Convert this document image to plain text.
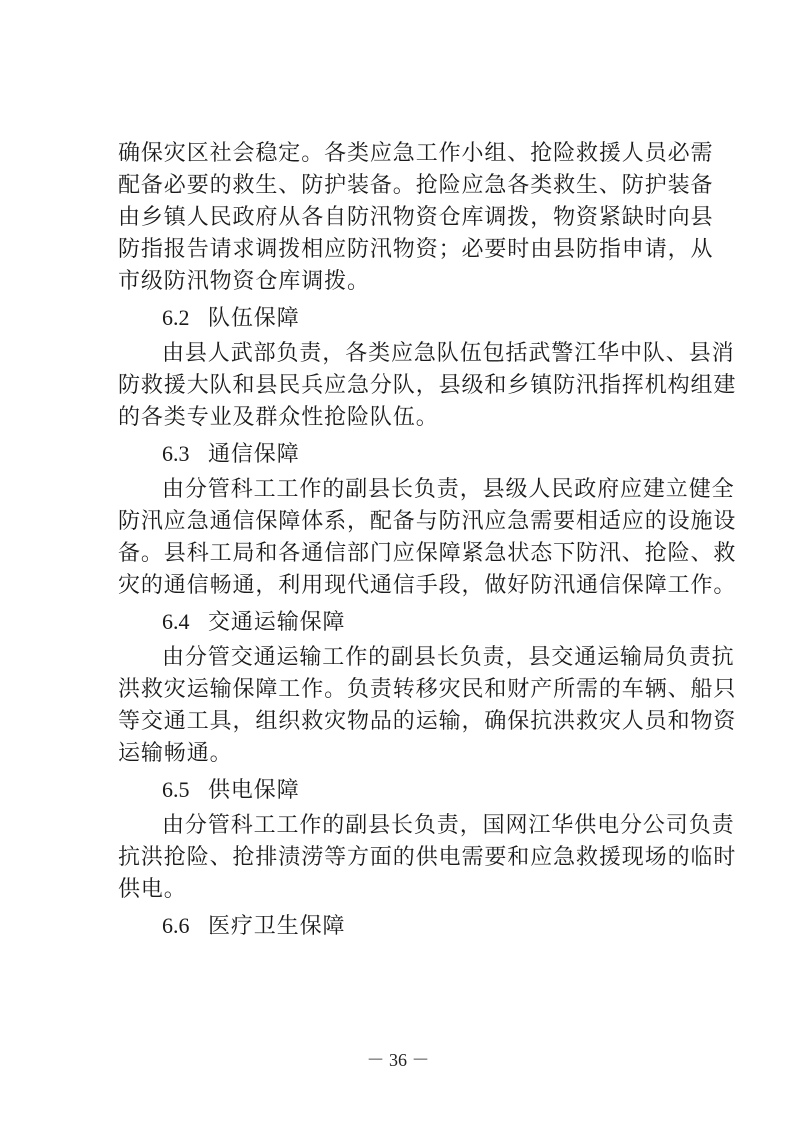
确保灾区社会稳定。各类应急工作小组、抢险救援人员必需

配备必要的救生、防护装备。抢险应急各类救生、防护装备

由乡镇人民政府从各自防汛物资仓库调拨，物资紧缺时向县

防指报告请求调拨相应防汛物资；必要时由县防指申请，从

市级防汛物资仓库调拨。

6.2 队伍保障

由县人武部负责，各类应急队伍包括武警江华中队、县消

防救援大队和县民兵应急分队，县级和乡镇防汛指挥机构组建

的各类专业及群众性抢险队伍。

6.3 通信保障

由分管科工工作的副县长负责，县级人民政府应建立健全

防汛应急通信保障体系，配备与防汛应急需要相适应的设施设

备。县科工局和各通信部门应保障紧急状态下防汛、抢险、救

灾的通信畅通，利用现代通信手段，做好防汛通信保障工作。

6.4 交通运输保障

由分管交通运输工作的副县长负责，县交通运输局负责抗

洪救灾运输保障工作。负责转移灾民和财产所需的车辆、船只

等交通工具，组织救灾物品的运输，确保抗洪救灾人员和物资

运输畅通。

6.5 供电保障

由分管科工工作的副县长负责，国网江华供电分公司负责

抗洪抢险、抢排渍涝等方面的供电需要和应急救援现场的临时

供电。

6.6 医疗卫生保障

－ 36 －
